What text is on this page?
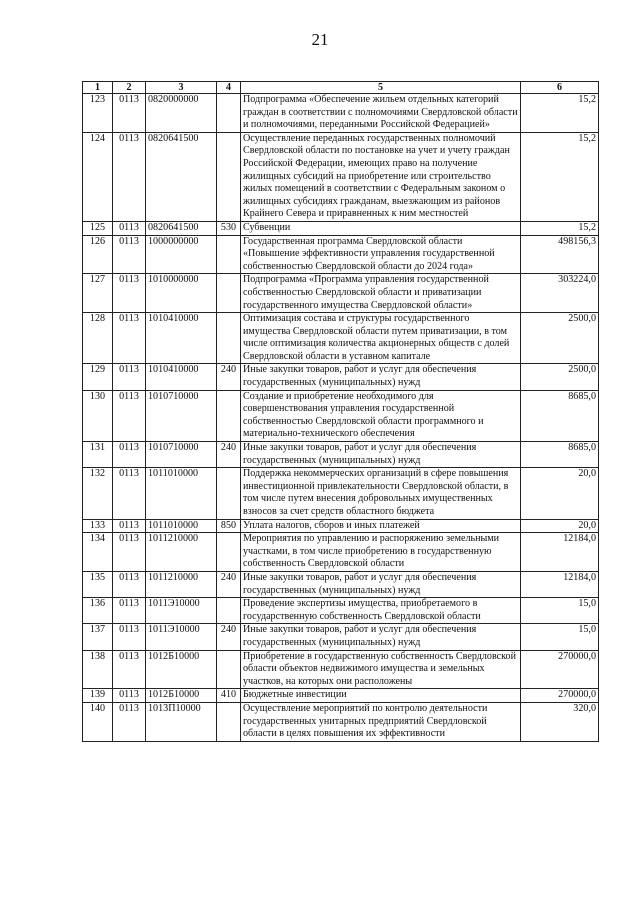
21
1	2	3	4	5	6
123	0113	0820000000		Подпрограмма «Обеспечение жильем отдельных категорий граждан в соответствии с полномочиями Свердловской области и полномочиями, переданными Российской Федерацией»	15,2
124	0113	0820641500		Осуществление переданных государственных полномочий Свердловской области по постановке на учет и учету граждан Российской Федерации, имеющих право на получение жилищных субсидий на приобретение или строительство жилых помещений в соответствии с Федеральным законом о жилищных субсидиях гражданам, выезжающим из районов Крайнего Севера и приравненных к ним местностей	15,2
125	0113	0820641500	530	Субвенции	15,2
126	0113	1000000000		Государственная программа Свердловской области «Повышение эффективности управления государственной собственностью Свердловской области до 2024 года»	498156,3
127	0113	1010000000		Подпрограмма «Программа управления государственной собственностью Свердловской области и приватизации государственного имущества Свердловской области»	303224,0
128	0113	1010410000		Оптимизация состава и структуры государственного имущества Свердловской области путем приватизации, в том числе оптимизация количества акционерных обществ с долей Свердловской области в уставном капитале	2500,0
129	0113	1010410000	240	Иные закупки товаров, работ и услуг для обеспечения государственных (муниципальных) нужд	2500,0
130	0113	1010710000		Создание и приобретение необходимого для совершенствования управления государственной собственностью Свердловской области программного и материально-технического обеспечения	8685,0
131	0113	1010710000	240	Иные закупки товаров, работ и услуг для обеспечения государственных (муниципальных) нужд	8685,0
132	0113	1011010000		Поддержка некоммерческих организаций в сфере повышения инвестиционной привлекательности Свердловской области, в том числе путем внесения добровольных имущественных взносов за счет средств областного бюджета	20,0
133	0113	1011010000	850	Уплата налогов, сборов и иных платежей	20,0
134	0113	1011210000		Мероприятия по управлению и распоряжению земельными участками, в том числе приобретению в государственную собственность Свердловской области	12184,0
135	0113	1011210000	240	Иные закупки товаров, работ и услуг для обеспечения государственных (муниципальных) нужд	12184,0
136	0113	1011Э10000		Проведение экспертизы имущества, приобретаемого в государственную собственность Свердловской области	15,0
137	0113	1011Э10000	240	Иные закупки товаров, работ и услуг для обеспечения государственных (муниципальных) нужд	15,0
138	0113	1012Б10000		Приобретение в государственную собственность Свердловской области объектов недвижимого имущества и земельных участков, на которых они расположены	270000,0
139	0113	1012Б10000	410	Бюджетные инвестиции	270000,0
140	0113	1013П10000		Осуществление мероприятий по контролю деятельности государственных унитарных предприятий Свердловской области в целях повышения их эффективности	320,0
